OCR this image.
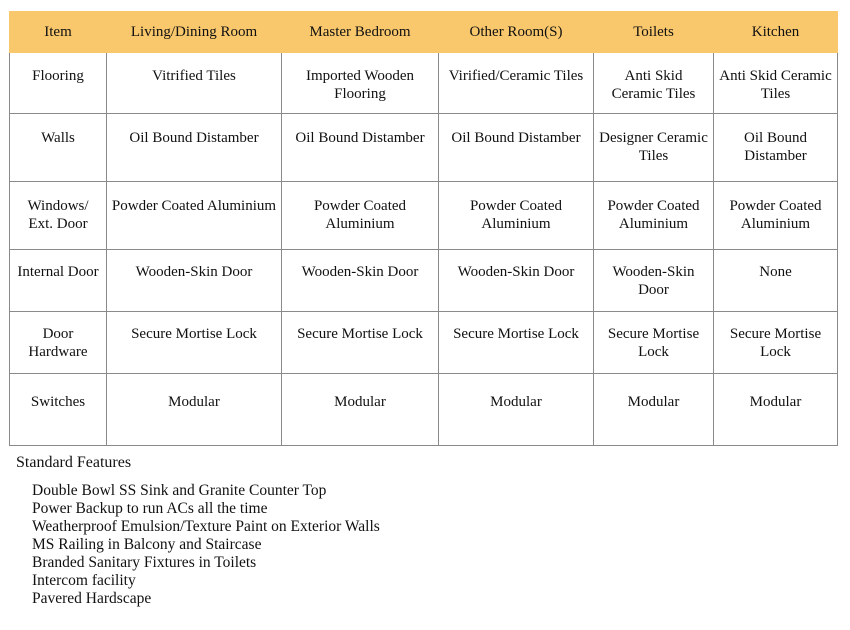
Item	Living/Dining Room	Master Bedroom	Other Room(S)	Toilets	Kitchen
Flooring	Vitrified Tiles	Imported Wooden Flooring	Virified/Ceramic Tiles	Anti Skid Ceramic Tiles	Anti Skid Ceramic Tiles
Walls	Oil Bound Distamber	Oil Bound Distamber	Oil Bound Distamber	Designer Ceramic Tiles	Oil Bound Distamber
Windows/ Ext. Door	Powder Coated Aluminium	Powder Coated Aluminium	Powder Coated Aluminium	Powder Coated Aluminium	Powder Coated Aluminium
Internal Door	Wooden-Skin Door	Wooden-Skin Door	Wooden-Skin Door	Wooden-Skin Door	None
Door Hardware	Secure Mortise Lock	Secure Mortise Lock	Secure Mortise Lock	Secure Mortise Lock	Secure Mortise Lock
Switches	Modular	Modular	Modular	Modular	Modular
Standard Features
Double Bowl SS Sink and Granite Counter Top
Power Backup to run ACs all the time
Weatherproof Emulsion/Texture Paint on Exterior Walls
MS Railing in Balcony and Staircase
Branded Sanitary Fixtures in Toilets
Intercom facility
Pavered Hardscape
